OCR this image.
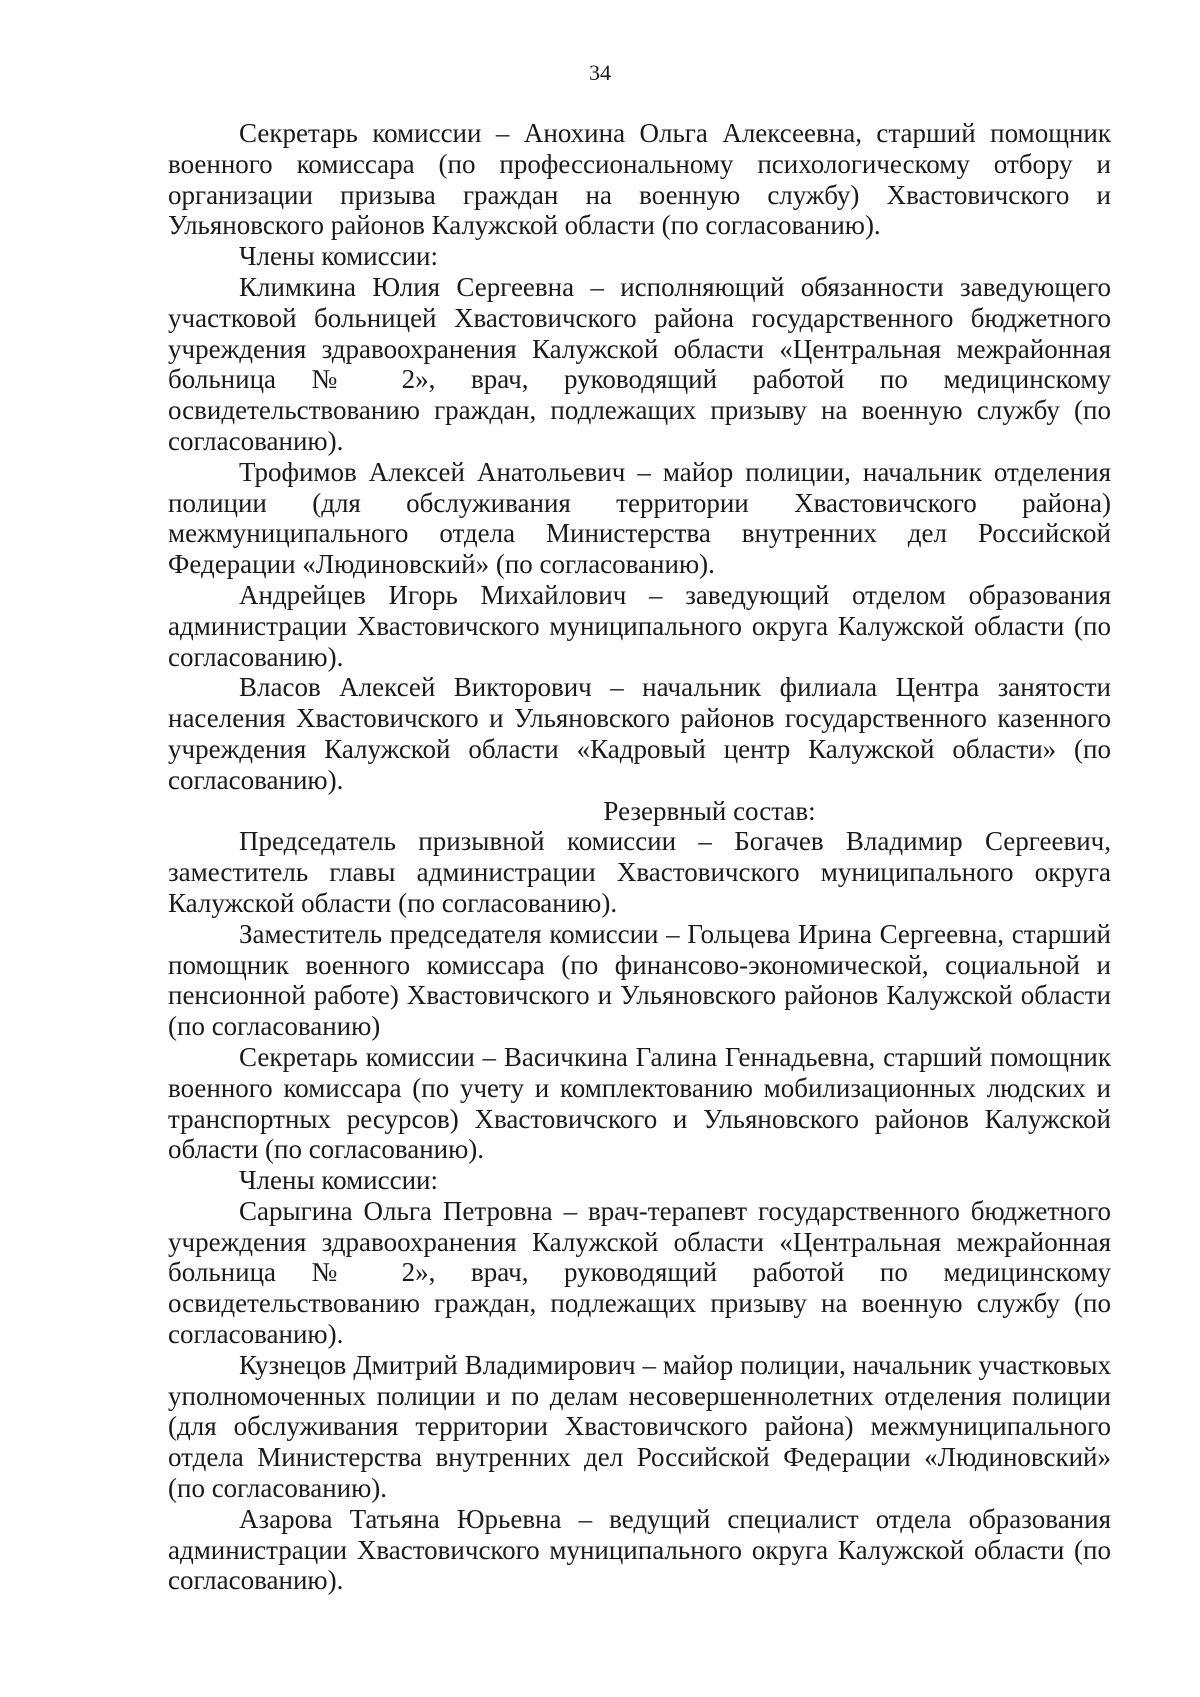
34

Секретарь комиссии – Анохина Ольга Алексеевна, старший помощник военного комиссара (по профессиональному психологическому отбору и организации призыва граждан на военную службу) Хвастовичского и Ульяновского районов Калужской области (по согласованию).

Члены комиссии:

Климкина Юлия Сергеевна – исполняющий обязанности заведующего участковой больницей Хвастовичского района государственного бюджетного учреждения здравоохранения Калужской области «Центральная межрайонная больница № 2», врач, руководящий работой по медицинскому освидетельствованию граждан, подлежащих призыву на военную службу (по согласованию).

Трофимов Алексей Анатольевич – майор полиции, начальник отделения полиции (для обслуживания территории Хвастовичского района) межмуниципального отдела Министерства внутренних дел Российской Федерации «Людиновский» (по согласованию).

Андрейцев Игорь Михайлович – заведующий отделом образования администрации Хвастовичского муниципального округа Калужской области (по согласованию).

Власов Алексей Викторович – начальник филиала Центра занятости населения Хвастовичского и Ульяновского районов государственного казенного учреждения Калужской области «Кадровый центр Калужской области» (по согласованию).

Резервный состав:

Председатель призывной комиссии – Богачев Владимир Сергеевич, заместитель главы администрации Хвастовичского муниципального округа Калужской области (по согласованию).

Заместитель председателя комиссии – Гольцева Ирина Сергеевна, старший помощник военного комиссара (по финансово-экономической, социальной и пенсионной работе) Хвастовичского и Ульяновского районов Калужской области (по согласованию)

Секретарь комиссии – Васичкина Галина Геннадьевна, старший помощник военного комиссара (по учету и комплектованию мобилизационных людских и транспортных ресурсов) Хвастовичского и Ульяновского районов Калужской области (по согласованию).

Члены комиссии:

Сарыгина Ольга Петровна – врач-терапевт государственного бюджетного учреждения здравоохранения Калужской области «Центральная межрайонная больница № 2», врач, руководящий работой по медицинскому освидетельствованию граждан, подлежащих призыву на военную службу (по согласованию).

Кузнецов Дмитрий Владимирович – майор полиции, начальник участковых уполномоченных полиции и по делам несовершеннолетних отделения полиции (для обслуживания территории Хвастовичского района) межмуниципального отдела Министерства внутренних дел Российской Федерации «Людиновский» (по согласованию).

Азарова Татьяна Юрьевна – ведущий специалист отдела образования администрации Хвастовичского муниципального округа Калужской области (по согласованию).
